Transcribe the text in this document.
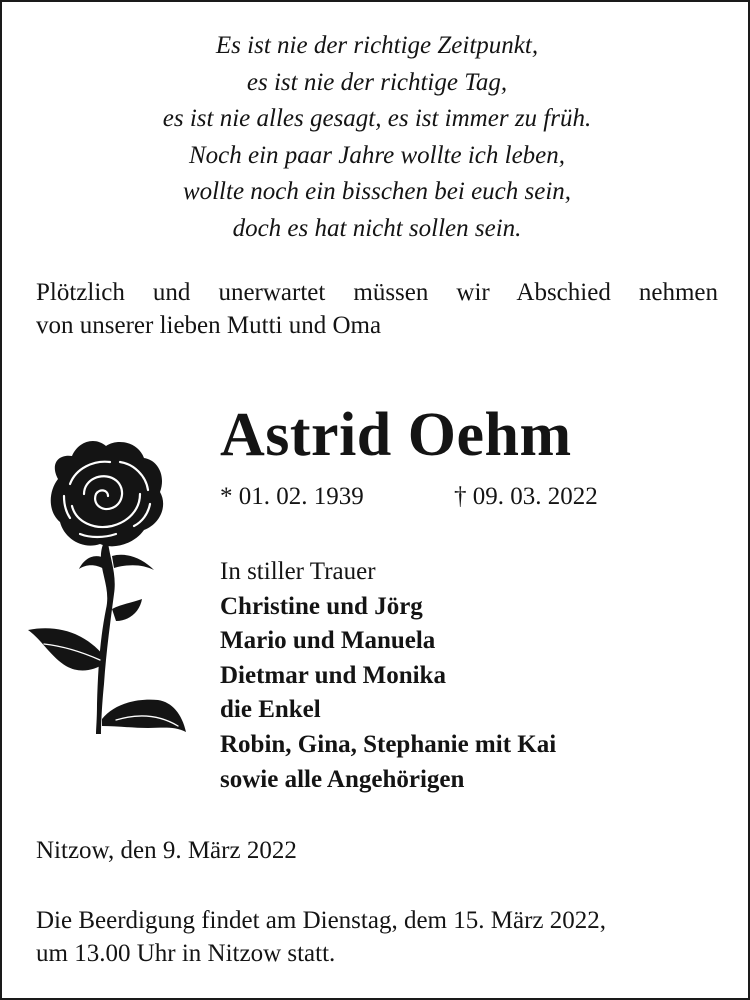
Es ist nie der richtige Zeitpunkt,
es ist nie der richtige Tag,
es ist nie alles gesagt, es ist immer zu früh.
Noch ein paar Jahre wollte ich leben,
wollte noch ein bisschen bei euch sein,
doch es hat nicht sollen sein.
Plötzlich und unerwartet müssen wir Abschied nehmen
von unserer lieben Mutti und Oma
Astrid Oehm
* 01. 02. 1939	† 09. 03. 2022
In stiller Trauer
Christine und Jörg
Mario und Manuela
Dietmar und Monika
die Enkel
Robin, Gina, Stephanie mit Kai
sowie alle Angehörigen
Nitzow, den 9. März 2022
Die Beerdigung findet am Dienstag, dem 15. März 2022,
um 13.00 Uhr in Nitzow statt.
